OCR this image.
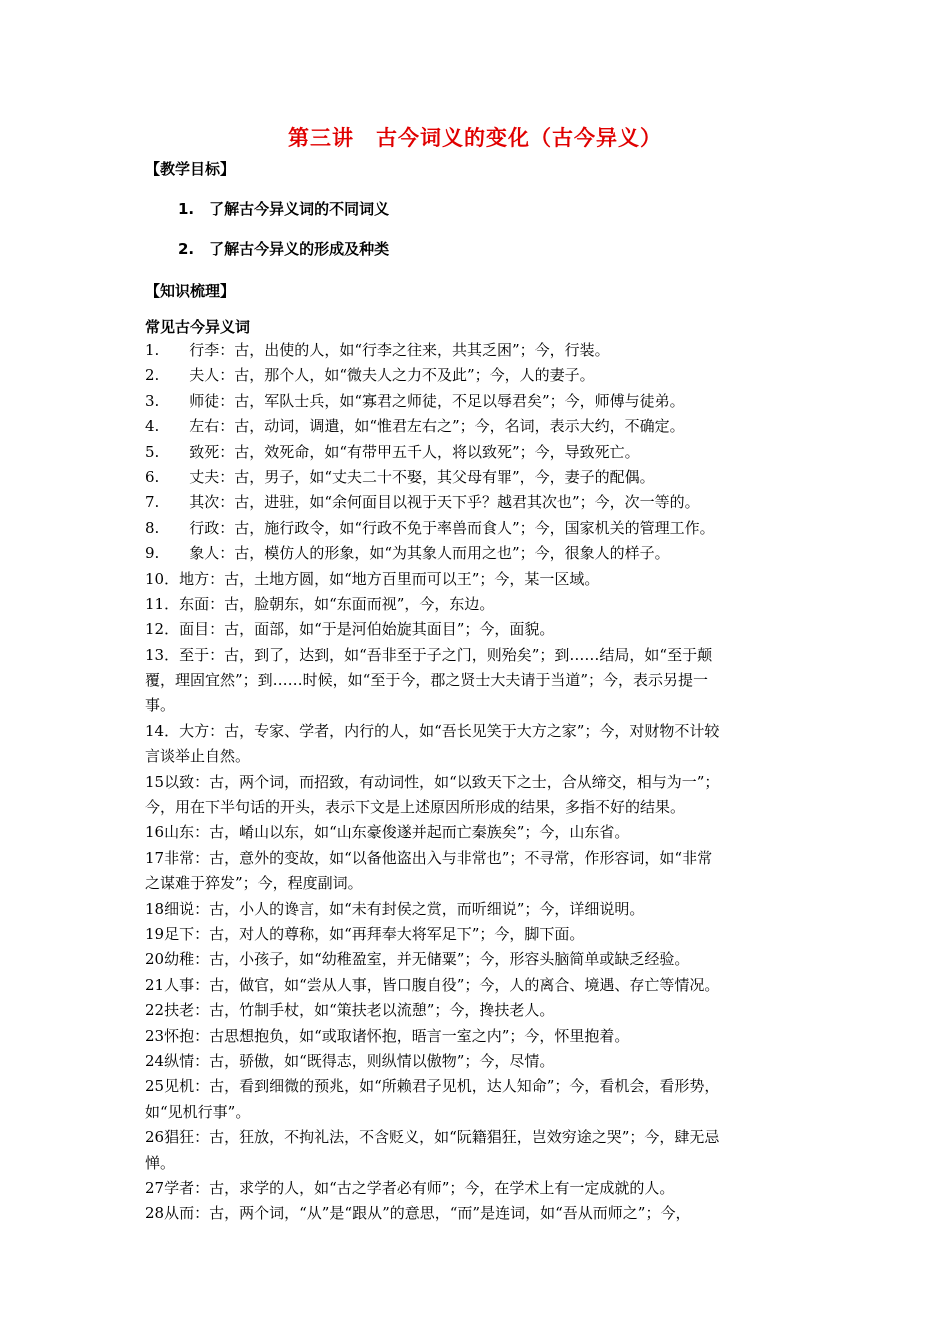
第三讲　古今词义的变化（古今异义）
【教学目标】
1.　了解古今异义词的不同词义
2.　了解古今异义的形成及种类
【知识梳理】
常见古今异义词
1.　　行李：古，出使的人，如“行李之往来，共其乏困”；今，行装。
2.　　夫人：古，那个人，如“微夫人之力不及此”；今，人的妻子。
3.　　师徒：古，军队士兵，如“寡君之师徒，不足以辱君矣”；今，师傅与徒弟。
4.　　左右：古，动词，调遣，如“惟君左右之”；今，名词，表示大约，不确定。
5.　　致死：古，效死命，如“有带甲五千人，将以致死”；今，导致死亡。
6.　　丈夫：古，男子，如“丈夫二十不娶，其父母有罪”，今，妻子的配偶。
7.　　其次：古，进驻，如“余何面目以视于天下乎？越君其次也”；今，次一等的。
8.　　行政：古，施行政令，如“行政不免于率兽而食人”；今，国家机关的管理工作。
9.　　象人：古，模仿人的形象，如“为其象人而用之也”；今，很象人的样子。
10．地方：古，土地方圆，如“地方百里而可以王”；今，某一区域。
11．东面：古，脸朝东，如“东面而视”，今，东边。
12．面目：古，面部，如“于是河伯始旋其面目”；今，面貌。
13．至于：古，到了，达到，如“吾非至于子之门，则殆矣”；到……结局，如“至于颠
覆，理固宜然”；到……时候，如“至于今，郡之贤士大夫请于当道”；今，表示另提一
事。
14．大方：古，专家、学者，内行的人，如“吾长见笑于大方之家”；今，对财物不计较
言谈举止自然。
15以致：古，两个词，而招致，有动词性，如“以致天下之士，合从缔交，相与为一”；
今，用在下半句话的开头，表示下文是上述原因所形成的结果，多指不好的结果。
16山东：古，崤山以东，如“山东豪俊遂并起而亡秦族矣”；今，山东省。
17非常：古，意外的变故，如“以备他盗出入与非常也”；不寻常，作形容词，如“非常
之谋难于猝发”；今，程度副词。
18细说：古，小人的谗言，如“未有封侯之赏，而听细说”；今，详细说明。
19足下：古，对人的尊称，如“再拜奉大将军足下”；今，脚下面。
20幼稚：古，小孩子，如“幼稚盈室，并无储粟”；今，形容头脑简单或缺乏经验。
21人事：古，做官，如“尝从人事，皆口腹自役”；今，人的离合、境遇、存亡等情况。
22扶老：古，竹制手杖，如“策扶老以流憩”；今，搀扶老人。
23怀抱：古思想抱负，如“或取诸怀抱，晤言一室之内”；今，怀里抱着。
24纵情：古，骄傲，如“既得志，则纵情以傲物”；今，尽情。
25见机：古，看到细微的预兆，如“所赖君子见机，达人知命”；今，看机会，看形势，
如“见机行事”。
26猖狂：古，狂放，不拘礼法，不含贬义，如“阮籍猖狂，岂效穷途之哭”；今，肆无忌
惮。
27学者：古，求学的人，如“古之学者必有师”；今，在学术上有一定成就的人。
28从而：古，两个词，“从”是“跟从”的意思，“而”是连词，如“吾从而师之”；今，
